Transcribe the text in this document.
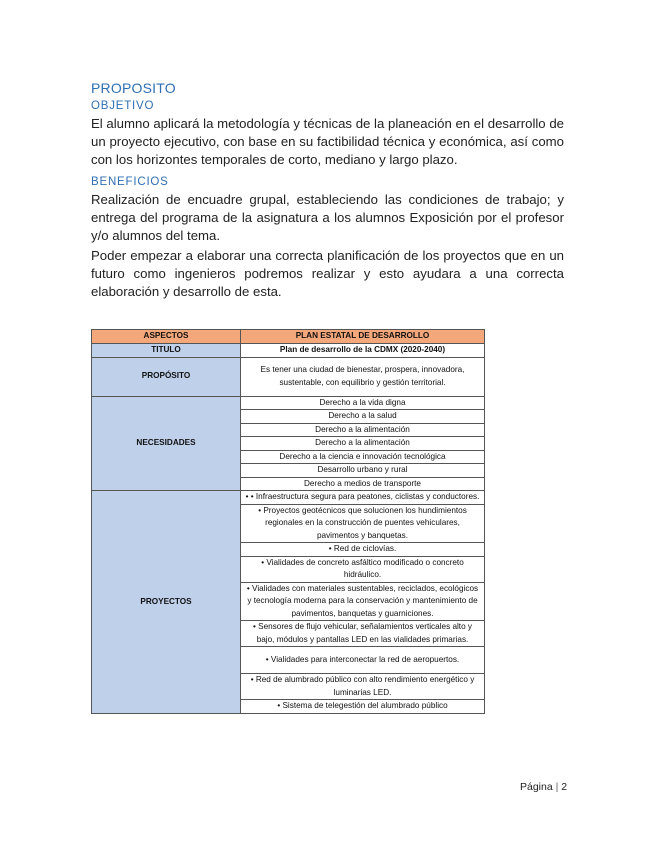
PROPOSITO
OBJETIVO
El alumno aplicará la metodología y técnicas de la planeación en el desarrollo de un proyecto ejecutivo, con base en su factibilidad técnica y económica, así como con los horizontes temporales de corto, mediano y largo plazo.
BENEFICIOS
Realización de encuadre grupal, estableciendo las condiciones de trabajo; y entrega del programa de la asignatura a los alumnos Exposición por el profesor y/o alumnos del tema.
Poder empezar a elaborar una correcta planificación de los proyectos que en un futuro como ingenieros podremos realizar y esto ayudara a una correcta elaboración y desarrollo de esta.
ASPECTOS	PLAN ESTATAL DE DESARROLLO
TITULO	Plan de desarrollo de la CDMX (2020-2040)
PROPÓSITO	Es tener una ciudad de bienestar, prospera, innovadora, sustentable, con equilibrio y gestión territorial.
NECESIDADES	Derecho a la vida digna
	Derecho a la salud
	Derecho a la alimentación
	Derecho a la alimentación
	Derecho a la ciencia e innovación tecnológica
	Desarrollo urbano y rural
	Derecho a medios de transporte
PROYECTOS	• • Infraestructura segura para peatones, ciclistas y conductores.
	• Proyectos geotécnicos que solucionen los hundimientos regionales en la construcción de puentes vehiculares, pavimentos y banquetas.
	• Red de ciclovías.
	• Vialidades de concreto asfáltico modificado o concreto hidráulico.
	• Vialidades con materiales sustentables, reciclados, ecológicos y tecnología moderna para la conservación y mantenimiento de pavimentos, banquetas y guarniciones.
	• Sensores de flujo vehicular, señalamientos verticales alto y bajo, módulos y pantallas LED en las vialidades primarias.
	• Vialidades para interconectar la red de aeropuertos.
	• Red de alumbrado público con alto rendimiento energético y luminarias LED.
	• Sistema de telegestión del alumbrado público
Página | 2
